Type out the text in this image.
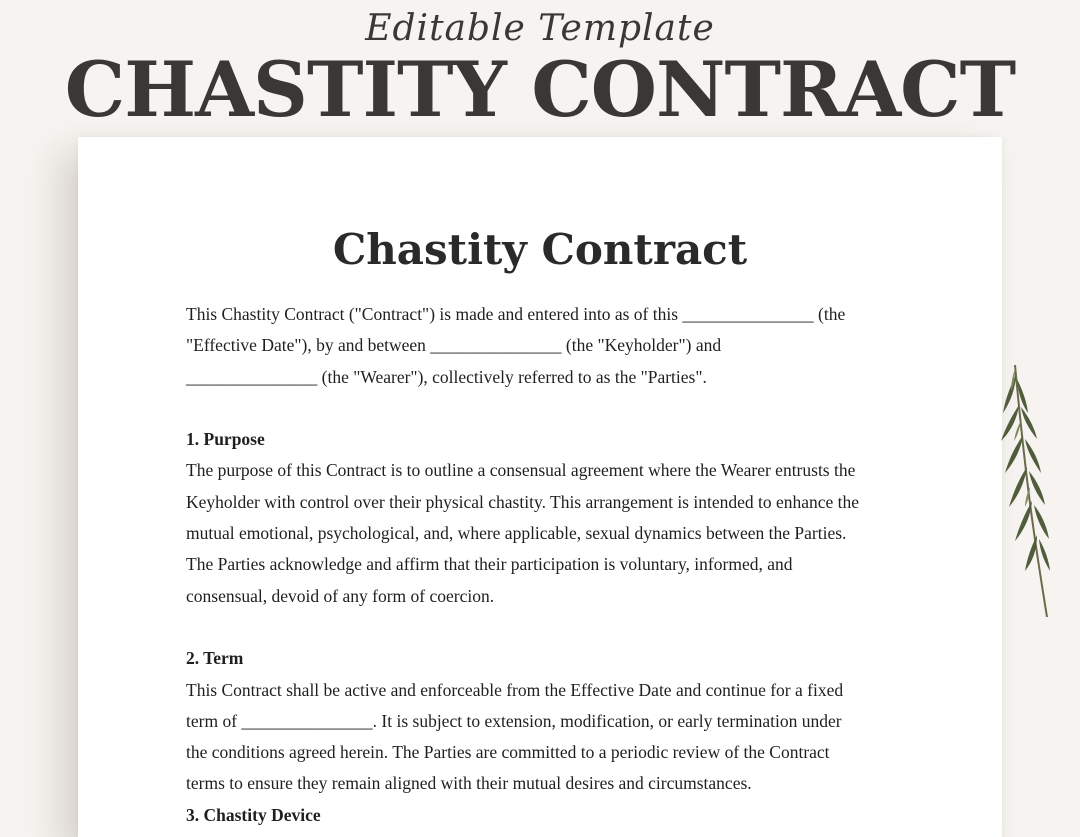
Editable Template
CHASTITY CONTRACT
Chastity Contract

This Chastity Contract ("Contract") is made and entered into as of this _______________ (the

"Effective Date"), by and between _______________ (the "Keyholder") and

_______________ (the "Wearer"), collectively referred to as the "Parties".

1. Purpose

The purpose of this Contract is to outline a consensual agreement where the Wearer entrusts the

Keyholder with control over their physical chastity. This arrangement is intended to enhance the

mutual emotional, psychological, and, where applicable, sexual dynamics between the Parties.

The Parties acknowledge and affirm that their participation is voluntary, informed, and

consensual, devoid of any form of coercion.

2. Term

This Contract shall be active and enforceable from the Effective Date and continue for a fixed

term of _______________. It is subject to extension, modification, or early termination under

the conditions agreed herein. The Parties are committed to a periodic review of the Contract

terms to ensure they remain aligned with their mutual desires and circumstances.

3. Chastity Device
